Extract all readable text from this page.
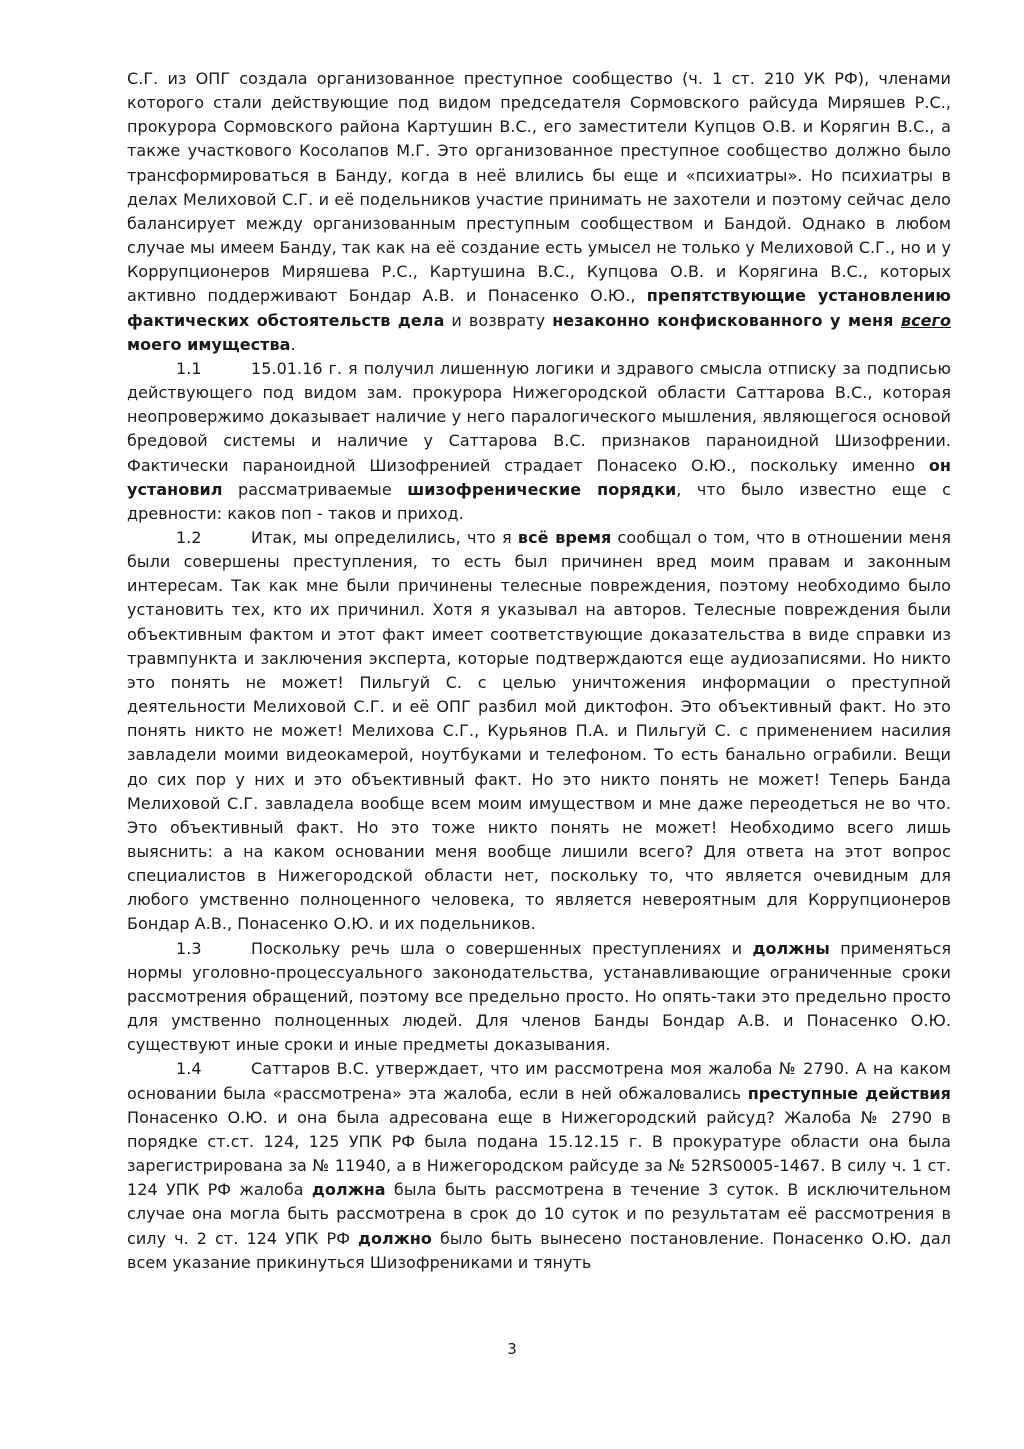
С.Г. из ОПГ создала организованное преступное сообщество (ч. 1 ст. 210 УК РФ), членами которого стали действующие под видом председателя Сормовского райсуда Миряшев Р.С., прокурора Сормовского района Картушин В.С., его заместители Купцов О.В. и Корягин В.С., а также участкового Косолапов М.Г. Это организованное преступное сообщество должно было трансформироваться в Банду, когда в неё влились бы еще и «психиатры». Но психиатры в делах Мелиховой С.Г. и её подельников участие принимать не захотели и поэтому сейчас дело балансирует между организованным преступным сообществом и Бандой. Однако в любом случае мы имеем Банду, так как на её создание есть умысел не только у Мелиховой С.Г., но и у Коррупционеров Миряшева Р.С., Картушина В.С., Купцова О.В. и Корягина В.С., которых активно поддерживают Бондар А.В. и Понасенко О.Ю., препятствующие установлению фактических обстоятельств дела и возврату незаконно конфискованного у меня всего моего имущества.

1.1	15.01.16 г. я получил лишенную логики и здравого смысла отписку за подписью действующего под видом зам. прокурора Нижегородской области Саттарова В.С., которая неопровержимо доказывает наличие у него паралогического мышления, являющегося основой бредовой системы и наличие у Саттарова В.С. признаков параноидной Шизофрении. Фактически параноидной Шизофренией страдает Понасеко О.Ю., поскольку именно он установил рассматриваемые шизофренические порядки, что было известно еще с древности: каков поп - таков и приход.

1.2	Итак, мы определились, что я всё время сообщал о том, что в отношении меня были совершены преступления, то есть был причинен вред моим правам и законным интересам. Так как мне были причинены телесные повреждения, поэтому необходимо было установить тех, кто их причинил. Хотя я указывал на авторов. Телесные повреждения были объективным фактом и этот факт имеет соответствующие доказательства в виде справки из травмпункта и заключения эксперта, которые подтверждаются еще аудиозаписями. Но никто это понять не может! Пильгуй С. с целью уничтожения информации о преступной деятельности Мелиховой С.Г. и её ОПГ разбил мой диктофон. Это объективный факт. Но это понять никто не может! Мелихова С.Г., Курьянов П.А. и Пильгуй С. с применением насилия завладели моими видеокамерой, ноутбуками и телефоном. То есть банально ограбили. Вещи до сих пор у них и это объективный факт. Но это никто понять не может! Теперь Банда Мелиховой С.Г. завладела вообще всем моим имуществом и мне даже переодеться не во что. Это объективный факт. Но это тоже никто понять не может! Необходимо всего лишь выяснить: а на каком основании меня вообще лишили всего? Для ответа на этот вопрос специалистов в Нижегородской области нет, поскольку то, что является очевидным для любого умственно полноценного человека, то является невероятным для Коррупционеров Бондар А.В., Понасенко О.Ю. и их подельников.

1.3	Поскольку речь шла о совершенных преступлениях и должны применяться нормы уголовно-процессуального законодательства, устанавливающие ограниченные сроки рассмотрения обращений, поэтому все предельно просто. Но опять-таки это предельно просто для умственно полноценных людей. Для членов Банды Бондар А.В. и Понасенко О.Ю. существуют иные сроки и иные предметы доказывания.

1.4	Саттаров В.С. утверждает, что им рассмотрена моя жалоба № 2790. А на каком основании была «рассмотрена» эта жалоба, если в ней обжаловались преступные действия Понасенко О.Ю. и она была адресована еще в Нижегородский райсуд? Жалоба № 2790 в порядке ст.ст. 124, 125 УПК РФ была подана 15.12.15 г. В прокуратуре области она была зарегистрирована за № 11940, а в Нижегородском райсуде за № 52RS0005-1467. В силу ч. 1 ст. 124 УПК РФ жалоба должна была быть рассмотрена в течение 3 суток. В исключительном случае она могла быть рассмотрена в срок до 10 суток и по результатам её рассмотрения в силу ч. 2 ст. 124 УПК РФ должно было быть вынесено постановление. Понасенко О.Ю. дал всем указание прикинуться Шизофрениками и тянуть

3
